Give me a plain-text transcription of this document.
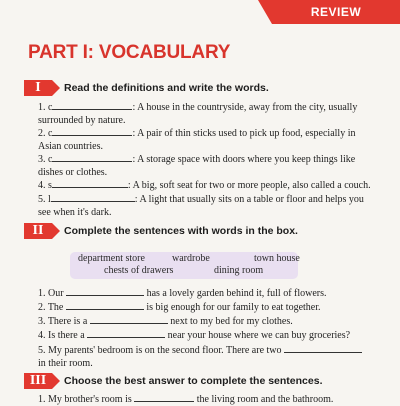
REVIEW
PART I: VOCABULARY
I	Read the definitions and write the words.
1. c	: A house in the countryside, away from the city, usually
surrounded by nature.
2. c	: A pair of thin sticks used to pick up food, especially in
Asian countries.
3. c	: A storage space with doors where you keep things like
dishes or clothes.
4. s	: A big, soft seat for two or more people, also called a couch.
5. l	: A light that usually sits on a table or floor and helps you
see when it's dark.
II	Complete the sentences with words in the box.
department store	wardrobe	town house
chests of drawers	dining room
1. Our	has a lovely garden behind it, full of flowers.
2. The	is big enough for our family to eat together.
3. There is a	next to my bed for my clothes.
4. Is there a	near your house where we can buy groceries?
5. My parents' bedroom is on the second floor. There are two
in their room.
III	Choose the best answer to complete the sentences.
1. My brother's room is	the living room and the bathroom.
